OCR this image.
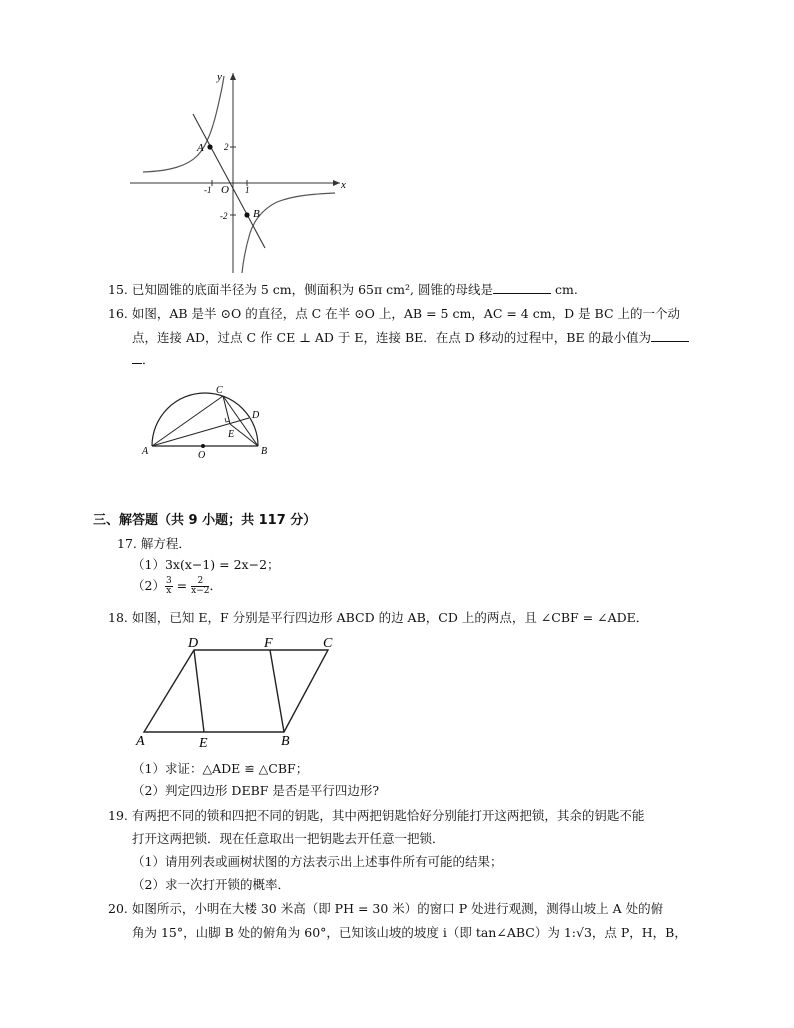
x
y
A
B
O
-1	1
2
-2
15. 已知圆锥的底面半径为 5 cm，侧面积为 65π cm², 圆锥的母线是	cm.
16. 如图，AB 是半 ⊙O 的直径，点 C 在半 ⊙O 上，AB = 5 cm，AC = 4 cm，D 是 BC 上的一个动
点，连接 AD，过点 C 作 CE ⊥ AD 于 E，连接 BE．在点 D 移动的过程中，BE 的最小值为
．
A	B
C
D
E
O
三、解答题（共 9 小题；共 117 分）
17. 解方程．
（1）3x(x−1) = 2x−2；
$(2) \frac{3}{x} = \frac{2}{x-2}$ ．
18. 如图，已知 E，F 分别是平行四边形 ABCD 的边 AB，CD 上的两点，且 ∠CBF = ∠ADE．
A	B
C
D
E
F
（1）求证：△ADE ≌ △CBF；
（2）判定四边形 DEBF 是否是平行四边形?
19. 有两把不同的锁和四把不同的钥匙，其中两把钥匙恰好分别能打开这两把锁，其余的钥匙不能
打开这两把锁．现在任意取出一把钥匙去开任意一把锁．
（1）请用列表或画树状图的方法表示出上述事件所有可能的结果；
（2）求一次打开锁的概率．
20. 如图所示，小明在大楼 30 米高（即 PH = 30 米）的窗口 P 处进行观测，测得山坡上 A 处的俯
角为 15°，山脚 B 处的俯角为 60°，已知该山坡的坡度 i（即 tan∠ABC）为 1:√3，点 P，H，B，
